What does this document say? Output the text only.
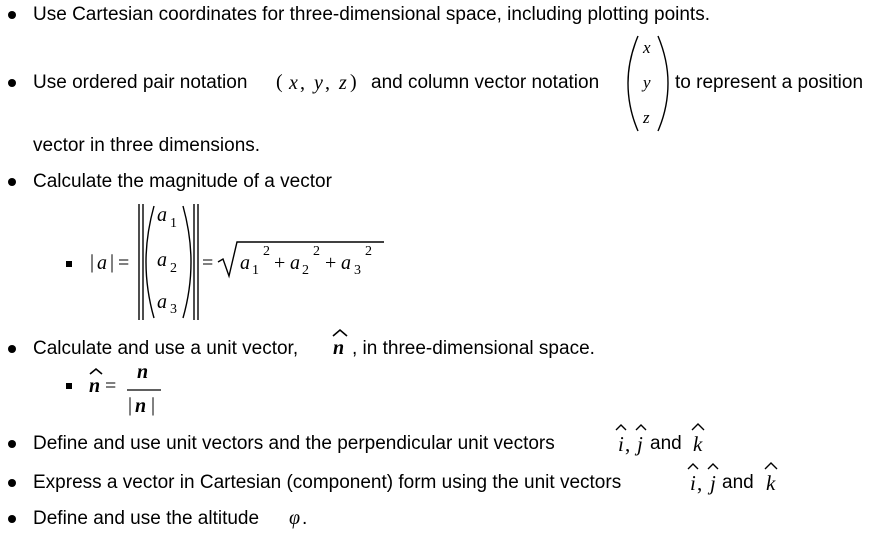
Use Cartesian coordinates for three-dimensional space, including plotting points.
Use ordered pair notation ( x , y , z ) and column vector notation
x
y
z
to represent a position
vector in three dimensions.
Calculate the magnitude of a vector
| a | =
a 1
a 2
a 3
= a 1
2
+ a 2
2
+ a 3
2
Calculate and use a unit vector, n , in three-dimensional space.
n =
n
| n |
Define and use unit vectors and the perpendicular unit vectors	i , j and k
Express a vector in Cartesian (component) form using the unit vectors	i , j and k
Define and use the altitude φ .
